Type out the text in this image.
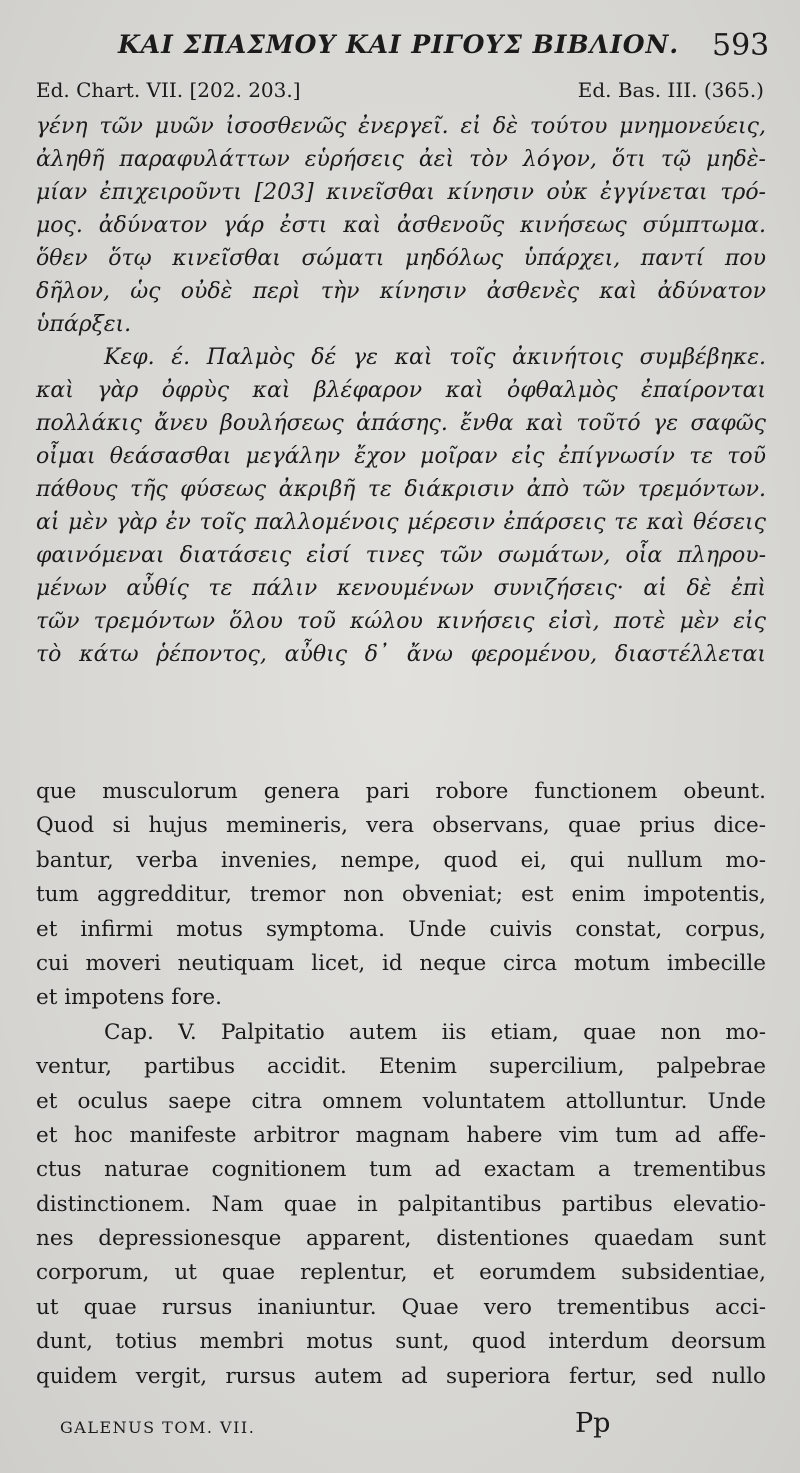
ΚΑΙ ΣΠΑΣΜΟΥ ΚΑΙ ΡΙΓΟΥΣ ΒΙΒΛΙΟΝ. 593
Ed. Chart. VII. [202. 203.]	Ed. Bas. III. (365.)
γένη τῶν μυῶν ἰσοσθενῶς ἐνεργεῖ. εἰ δὲ τούτου μνημονεύεις,
ἀληθῆ παραφυλάττων εὑρήσεις ἀεὶ τὸν λόγον, ὅτι τῷ μηδὲ-
μίαν ἐπιχειροῦντι [203] κινεῖσθαι κίνησιν οὐκ ἐγγίνεται τρό-
μος. ἀδύνατον γάρ ἐστι καὶ ἀσθενοῦς κινήσεως σύμπτωμα.
ὅθεν ὅτῳ κινεῖσθαι σώματι μηδόλως ὑπάρχει, παντί που
δῆλον, ὡς οὐδὲ περὶ τὴν κίνησιν ἀσθενὲς καὶ ἀδύνατον
ὑπάρξει.
Κεφ. έ. Παλμὸς δέ γε καὶ τοῖς ἀκινήτοις συμβέβηκε.
καὶ γὰρ ὀφρὺς καὶ βλέφαρον καὶ ὀφθαλμὸς ἐπαίρονται
πολλάκις ἄνευ βουλήσεως ἁπάσης. ἔνθα καὶ τοῦτό γε σαφῶς
οἶμαι θεάσασθαι μεγάλην ἔχον μοῖραν εἰς ἐπίγνωσίν τε τοῦ
πάθους τῆς φύσεως ἀκριβῆ τε διάκρισιν ἀπὸ τῶν τρεμόντων.
αἱ μὲν γὰρ ἐν τοῖς παλλομένοις μέρεσιν ἐπάρσεις τε καὶ θέσεις
φαινόμεναι διατάσεις εἰσί τινες τῶν σωμάτων, οἷα πληρου-
μένων αὖθίς τε πάλιν κενουμένων συνιζήσεις· αἱ δὲ ἐπὶ
τῶν τρεμόντων ὅλου τοῦ κώλου κινήσεις εἰσὶ, ποτὲ μὲν εἰς
τὸ κάτω ῥέποντος, αὖθις δ᾽ ἄνω φερομένου, διαστέλλεται
que musculorum genera pari robore functionem obeunt.
Quod si hujus memineris, vera observans, quae prius dice-
bantur, verba invenies, nempe, quod ei, qui nullum mo-
tum aggredditur, tremor non obveniat; est enim impotentis,
et infirmi motus symptoma. Unde cuivis constat, corpus,
cui moveri neutiquam licet, id neque circa motum imbecille
et impotens fore.
Cap. V. Palpitatio autem iis etiam, quae non mo-
ventur, partibus accidit. Etenim supercilium, palpebrae
et oculus saepe citra omnem voluntatem attolluntur. Unde
et hoc manifeste arbitror magnam habere vim tum ad affe-
ctus naturae cognitionem tum ad exactam a trementibus
distinctionem. Nam quae in palpitantibus partibus elevatio-
nes depressionesque apparent, distentiones quaedam sunt
corporum, ut quae replentur, et eorumdem subsidentiae,
ut quae rursus inaniuntur. Quae vero trementibus acci-
dunt, totius membri motus sunt, quod interdum deorsum
quidem vergit, rursus autem ad superiora fertur, sed nullo
GALENUS TOM. VII.	Pp
